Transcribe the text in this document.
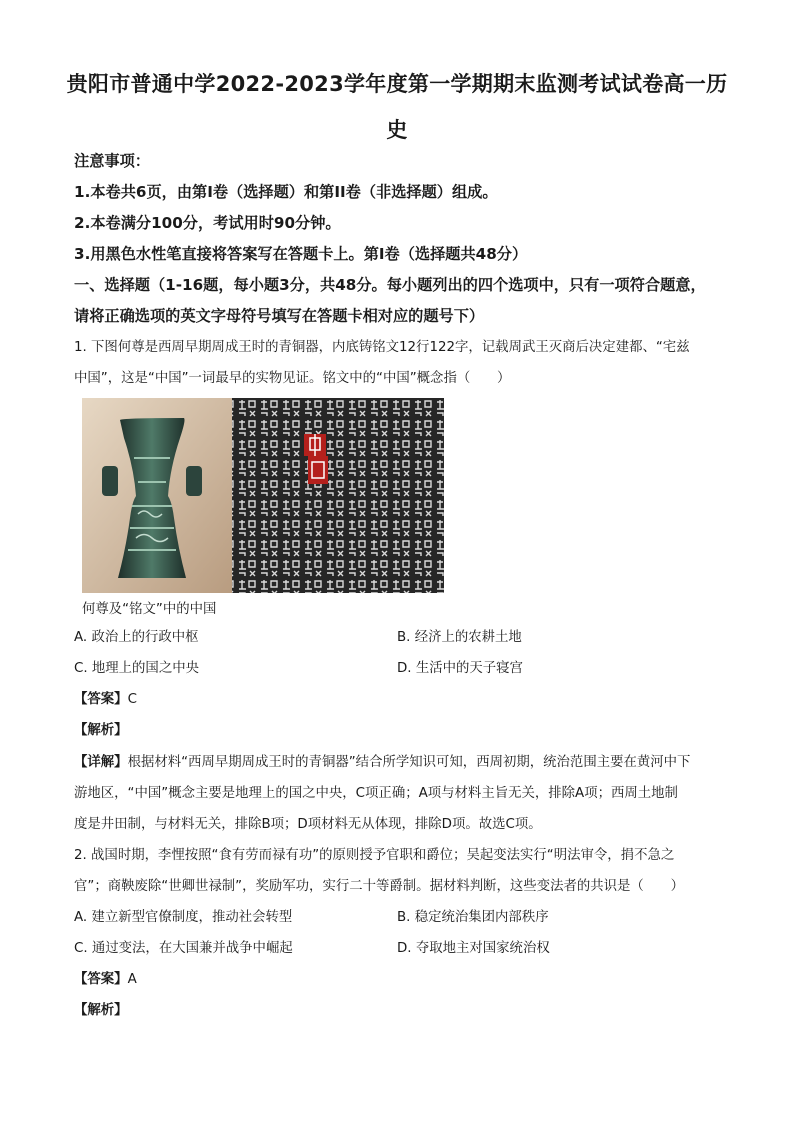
贵阳市普通中学2022-2023学年度第一学期期末监测考试试卷高一历
史
注意事项：
1.本卷共6页，由第I卷（选择题）和第II卷（非选择题）组成。
2.本卷满分100分，考试用时90分钟。
3.用黑色水性笔直接将答案写在答题卡上。第I卷（选择题共48分）
一、选择题（1-16题，每小题3分，共48分。每小题列出的四个选项中，只有一项符合题意，
请将正确选项的英文字母符号填写在答题卡相对应的题号下）
1. 下图何尊是西周早期周成王时的青铜器，内底铸铭文12行122字，记载周武王灭商后决定建都、“宅兹
中国”，这是“中国”一词最早的实物见证。铭文中的“中国”概念指（　　）
何尊及“铭文”中的中国
A. 政治上的行政中枢	B. 经济上的农耕土地
C. 地理上的国之中央	D. 生活中的天子寝宫
【答案】C
【解析】
【详解】根据材料“西周早期周成王时的青铜器”结合所学知识可知，西周初期，统治范围主要在黄河中下
游地区，“中国”概念主要是地理上的国之中央，C项正确；A项与材料主旨无关，排除A项；西周土地制
度是井田制，与材料无关，排除B项；D项材料无从体现，排除D项。故选C项。
2. 战国时期，李悝按照“食有劳而禄有功”的原则授予官职和爵位；吴起变法实行“明法审令，捐不急之
官”；商鞅废除“世卿世禄制”，奖励军功，实行二十等爵制。据材料判断，这些变法者的共识是（　　）
A. 建立新型官僚制度，推动社会转型	B. 稳定统治集团内部秩序
C. 通过变法，在大国兼并战争中崛起	D. 夺取地主对国家统治权
【答案】A
【解析】
